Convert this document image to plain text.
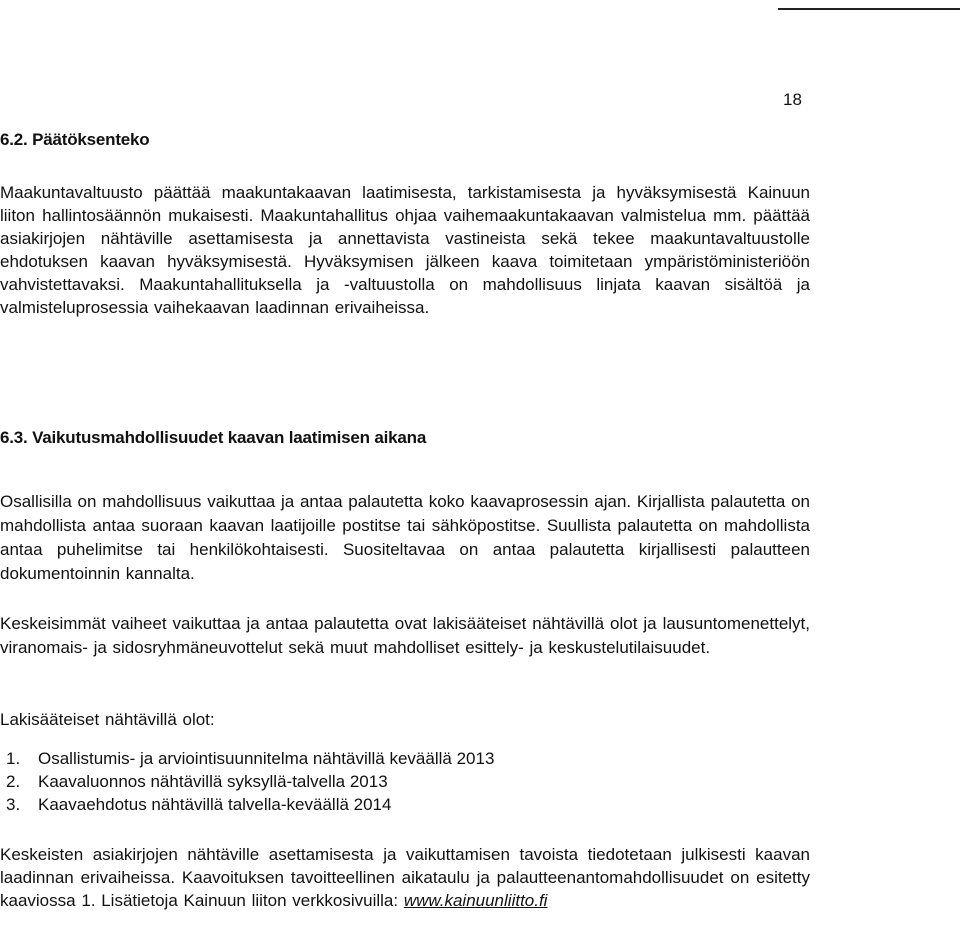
18
6.2. Päätöksenteko
Maakuntavaltuusto päättää maakuntakaavan laatimisesta, tarkistamisesta ja hyväksymisestä Kainuun liiton hallintosäännön mukaisesti. Maakuntahallitus ohjaa vaihemaakuntakaavan valmistelua mm. päättää asiakirjojen nähtäville asettamisesta ja annettavista vastineista sekä tekee maakuntavaltuustolle ehdotuksen kaavan hyväksymisestä. Hyväksymisen jälkeen kaava toimitetaan ympäristöministeriöön vahvistettavaksi. Maakuntahallituksella ja -valtuustolla on mahdollisuus linjata kaavan sisältöä ja valmisteluprosessia vaihekaavan laadinnan erivaiheissa.
6.3. Vaikutusmahdollisuudet kaavan laatimisen aikana
Osallisilla on mahdollisuus vaikuttaa ja antaa palautetta koko kaavaprosessin ajan. Kirjallista palautetta on mahdollista antaa suoraan kaavan laatijoille postitse tai sähköpostitse. Suullista palautetta on mahdollista antaa puhelimitse tai henkilökohtaisesti. Suositeltavaa on antaa palautetta kirjallisesti palautteen dokumentoinnin kannalta.
Keskeisimmät vaiheet vaikuttaa ja antaa palautetta ovat lakisääteiset nähtävillä olot ja lausuntomenettelyt, viranomais- ja sidosryhmäneuvottelut sekä muut mahdolliset esittely- ja keskustelutilaisuudet.
Lakisääteiset nähtävillä olot:
1.	Osallistumis- ja arviointisuunnitelma nähtävillä keväällä 2013
2.	Kaavaluonnos nähtävillä syksyllä-talvella 2013
3.	Kaavaehdotus nähtävillä talvella-keväällä 2014
Keskeisten asiakirjojen nähtäville asettamisesta ja vaikuttamisen tavoista tiedotetaan julkisesti kaavan laadinnan erivaiheissa. Kaavoituksen tavoitteellinen aikataulu ja palautteenantomahdollisuudet on esitetty kaaviossa 1. Lisätietoja Kainuun liiton verkkosivuilla: www.kainuunliitto.fi
